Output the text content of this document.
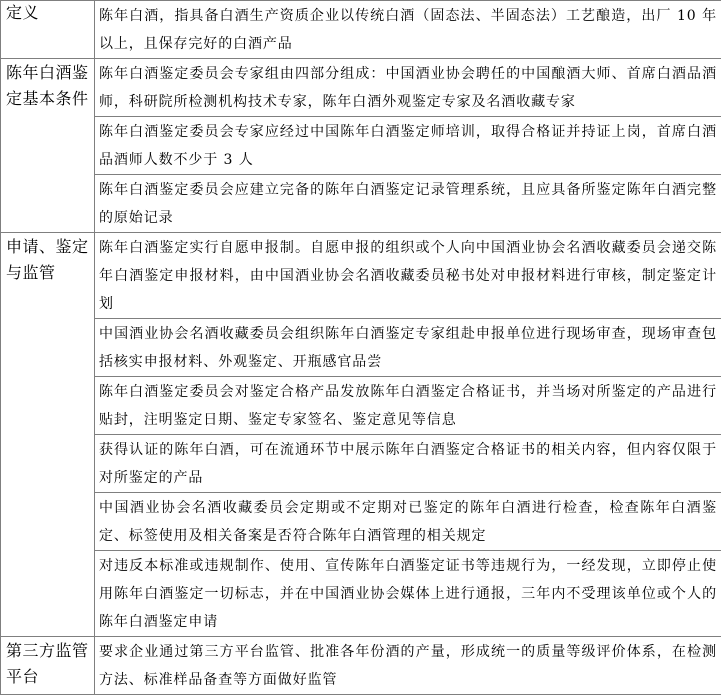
定义	陈年白酒，指具备白酒生产资质企业以传统白酒（固态法、半固态法）工艺酿造，出厂 10 年以上，且保存完好的白酒产品
陈年白酒鉴定基本条件	陈年白酒鉴定委员会专家组由四部分组成：中国酒业协会聘任的中国酿酒大师、首席白酒品酒师，科研院所检测机构技术专家，陈年白酒外观鉴定专家及名酒收藏专家
	陈年白酒鉴定委员会专家应经过中国陈年白酒鉴定师培训，取得合格证并持证上岗，首席白酒品酒师人数不少于 3 人
	陈年白酒鉴定委员会应建立完备的陈年白酒鉴定记录管理系统，且应具备所鉴定陈年白酒完整的原始记录
申请、鉴定与监管	陈年白酒鉴定实行自愿申报制。自愿申报的组织或个人向中国酒业协会名酒收藏委员会递交陈年白酒鉴定申报材料，由中国酒业协会名酒收藏委员秘书处对申报材料进行审核，制定鉴定计划
	中国酒业协会名酒收藏委员会组织陈年白酒鉴定专家组赴申报单位进行现场审查，现场审查包括核实申报材料、外观鉴定、开瓶感官品尝
	陈年白酒鉴定委员会对鉴定合格产品发放陈年白酒鉴定合格证书，并当场对所鉴定的产品进行贴封，注明鉴定日期、鉴定专家签名、鉴定意见等信息
	获得认证的陈年白酒，可在流通环节中展示陈年白酒鉴定合格证书的相关内容，但内容仅限于对所鉴定的产品
	中国酒业协会名酒收藏委员会定期或不定期对已鉴定的陈年白酒进行检查，检查陈年白酒鉴定、标签使用及相关备案是否符合陈年白酒管理的相关规定
	对违反本标准或违规制作、使用、宣传陈年白酒鉴定证书等违规行为，一经发现，立即停止使用陈年白酒鉴定一切标志，并在中国酒业协会媒体上进行通报，三年内不受理该单位或个人的陈年白酒鉴定申请
第三方监管平台	要求企业通过第三方平台监管、批准各年份酒的产量，形成统一的质量等级评价体系，在检测方法、标准样品备查等方面做好监管
